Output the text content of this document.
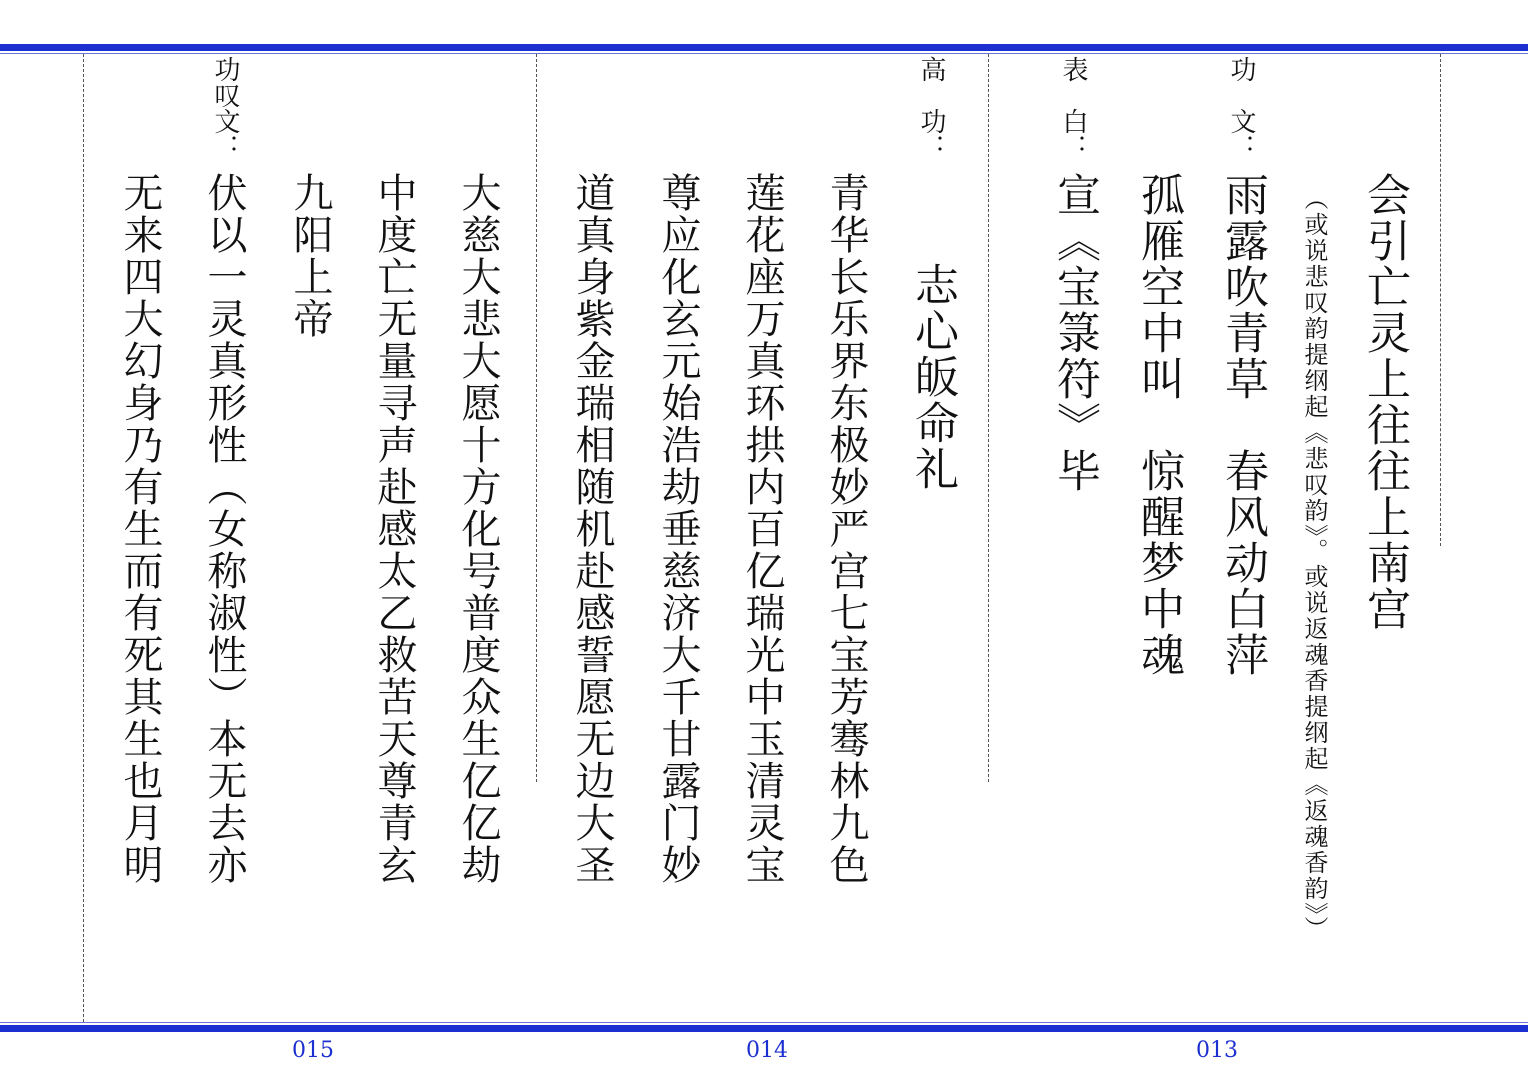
会引亡灵上往往上南宫
（或说悲叹韵提纲起《悲叹韵》。或说返魂香提纲起《返魂香韵》）
功　文：
雨露吹青草　春风动白萍
孤雁空中叫　惊醒梦中魂
表　白：
宣《宝箓符》毕
013
高　功：
志心皈命礼
青华长乐界东极妙严宫七宝芳骞林九色
莲花座万真环拱内百亿瑞光中玉清灵宝
尊应化玄元始浩劫垂慈济大千甘露门妙
道真身紫金瑞相随机赴感誓愿无边大圣
大慈大悲大愿十方化号普度众生亿亿劫
中度亡无量寻声赴感太乙救苦天尊青玄
014
九阳上帝
功叹文：
伏以一灵真形性（女称淑性）本无去亦
无来四大幻身乃有生而有死其生也月明
015
